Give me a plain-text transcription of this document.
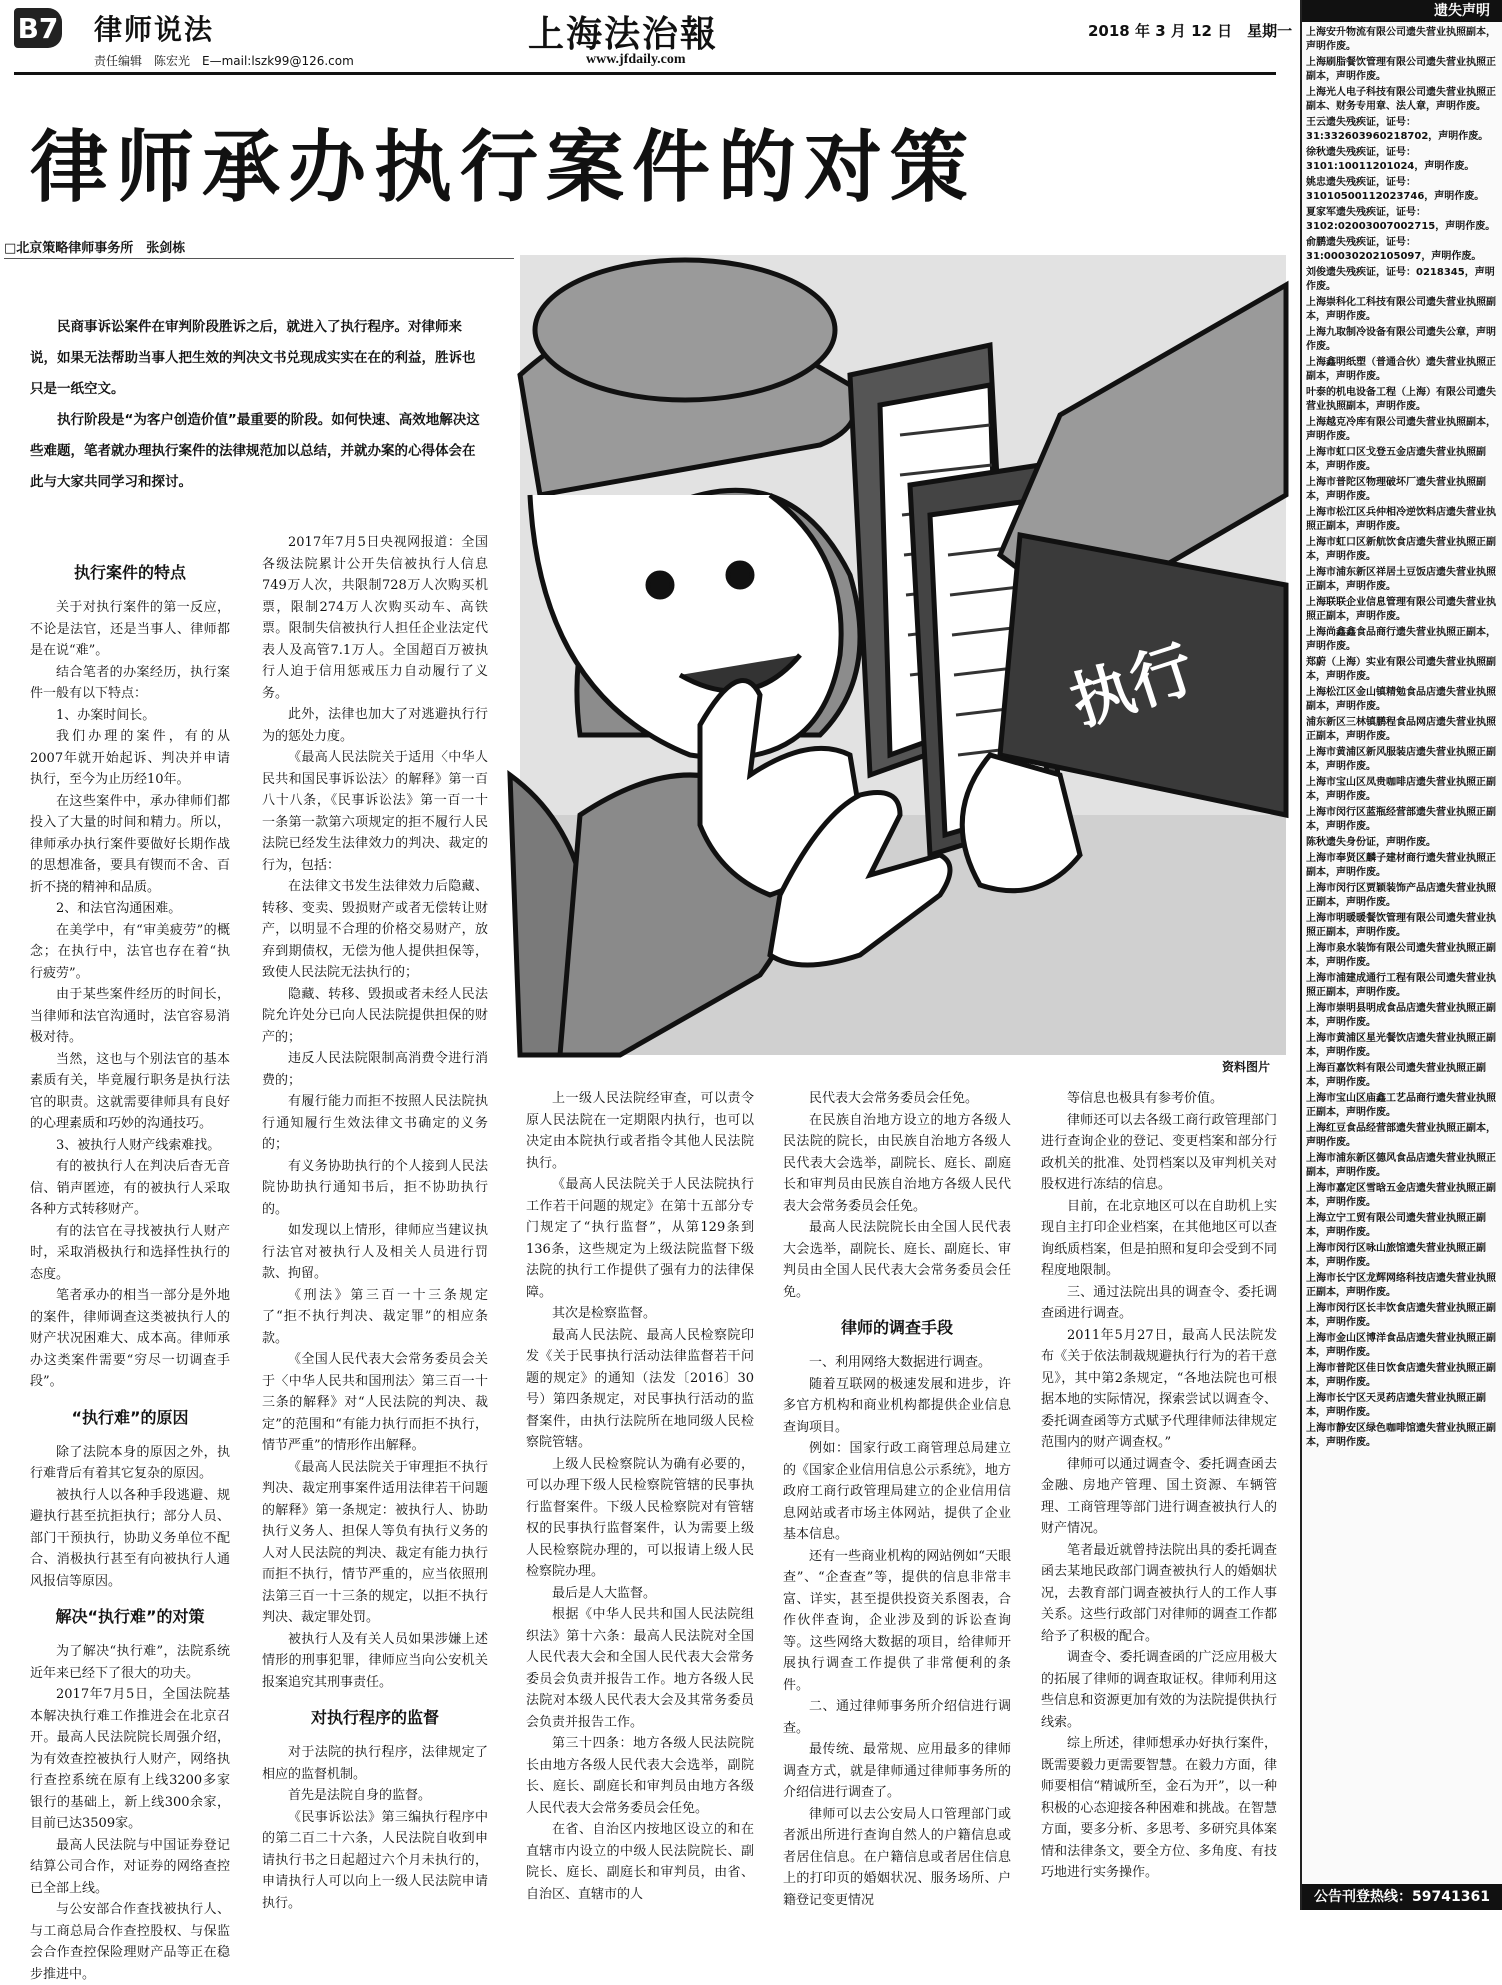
B7 律师说法
责任编辑　陈宏光　E—mail:lszk99@126.com
上海法治報
www.jfdaily.com
2018 年 3 月 12 日　星期一
律师承办执行案件的对策
□北京策略律师事务所　张剑栋

民商事诉讼案件在审判阶段胜诉之后，就进入了执行程序。对律师来说，如果无法帮助当事人把生效的判决文书兑现成实实在在的利益，胜诉也只是一纸空文。

执行阶段是“为客户创造价值”最重要的阶段。如何快速、高效地解决这些难题，笔者就办理执行案件的法律规范加以总结，并就办案的心得体会在此与大家共同学习和探讨。

执行
资料图片
执行案件的特点

关于对执行案件的第一反应，不论是法官，还是当事人、律师都是在说“难”。

结合笔者的办案经历，执行案件一般有以下特点：

1、办案时间长。

我们办理的案件，有的从2007年就开始起诉、判决并申请执行，至今为止历经10年。

在这些案件中，承办律师们都投入了大量的时间和精力。所以，律师承办执行案件要做好长期作战的思想准备，要具有锲而不舍、百折不挠的精神和品质。

2、和法官沟通困难。

在美学中，有“审美疲劳”的概念；在执行中，法官也存在着“执行疲劳”。

由于某些案件经历的时间长，当律师和法官沟通时，法官容易消极对待。

当然，这也与个别法官的基本素质有关，毕竟履行职务是执行法官的职责。这就需要律师具有良好的心理素质和巧妙的沟通技巧。

3、被执行人财产线索难找。

有的被执行人在判决后杳无音信、销声匿迹，有的被执行人采取各种方式转移财产。

有的法官在寻找被执行人财产时，采取消极执行和选择性执行的态度。

笔者承办的相当一部分是外地的案件，律师调查这类被执行人的财产状况困难大、成本高。律师承办这类案件需要“穷尽一切调查手段”。

“执行难”的原因

除了法院本身的原因之外，执行难背后有着其它复杂的原因。

被执行人以各种手段逃避、规避执行甚至抗拒执行；部分人员、部门干预执行，协助义务单位不配合、消极执行甚至有向被执行人通风报信等原因。

解决“执行难”的对策

为了解决“执行难”，法院系统近年来已经下了很大的功夫。

2017年7月5日，全国法院基本解决执行难工作推进会在北京召开。最高人民法院院长周强介绍，为有效查控被执行人财产，网络执行查控系统在原有上线3200多家银行的基础上，新上线300余家，目前已达3509家。

最高人民法院与中国证券登记结算公司合作，对证券的网络查控已全部上线。

与公安部合作查找被执行人、与工商总局合作查控股权、与保监会合作查控保险理财产品等正在稳步推进中。

2017年7月5日央视网报道：全国各级法院累计公开失信被执行人信息749万人次，共限制728万人次购买机票，限制274万人次购买动车、高铁票。限制失信被执行人担任企业法定代表人及高管7.1万人。全国超百万被执行人迫于信用惩戒压力自动履行了义务。

此外，法律也加大了对逃避执行行为的惩处力度。

《最高人民法院关于适用〈中华人民共和国民事诉讼法〉的解释》第一百八十八条，《民事诉讼法》第一百一十一条第一款第六项规定的拒不履行人民法院已经发生法律效力的判决、裁定的行为，包括：

在法律文书发生法律效力后隐藏、转移、变卖、毁损财产或者无偿转让财产，以明显不合理的价格交易财产，放弃到期债权，无偿为他人提供担保等，致使人民法院无法执行的；

隐藏、转移、毁损或者未经人民法院允许处分已向人民法院提供担保的财产的；

违反人民法院限制高消费令进行消费的；

有履行能力而拒不按照人民法院执行通知履行生效法律文书确定的义务的；

有义务协助执行的个人接到人民法院协助执行通知书后，拒不协助执行的。

如发现以上情形，律师应当建议执行法官对被执行人及相关人员进行罚款、拘留。

《刑法》第三百一十三条规定了“拒不执行判决、裁定罪”的相应条款。

《全国人民代表大会常务委员会关于〈中华人民共和国刑法〉第三百一十三条的解释》对“人民法院的判决、裁定”的范围和“有能力执行而拒不执行，情节严重”的情形作出解释。

《最高人民法院关于审理拒不执行判决、裁定刑事案件适用法律若干问题的解释》第一条规定：被执行人、协助执行义务人、担保人等负有执行义务的人对人民法院的判决、裁定有能力执行而拒不执行，情节严重的，应当依照刑法第三百一十三条的规定，以拒不执行判决、裁定罪处罚。

被执行人及有关人员如果涉嫌上述情形的刑事犯罪，律师应当向公安机关报案追究其刑事责任。

对执行程序的监督

对于法院的执行程序，法律规定了相应的监督机制。

首先是法院自身的监督。

《民事诉讼法》第三编执行程序中的第二百二十六条，人民法院自收到申请执行书之日起超过六个月未执行的，申请执行人可以向上一级人民法院申请执行。

上一级人民法院经审查，可以责令原人民法院在一定期限内执行，也可以决定由本院执行或者指令其他人民法院执行。

《最高人民法院关于人民法院执行工作若干问题的规定》在第十五部分专门规定了“执行监督”，从第129条到136条，这些规定为上级法院监督下级法院的执行工作提供了强有力的法律保障。

其次是检察监督。

最高人民法院、最高人民检察院印发《关于民事执行活动法律监督若干问题的规定》的通知（法发〔2016〕30号）第四条规定，对民事执行活动的监督案件，由执行法院所在地同级人民检察院管辖。

上级人民检察院认为确有必要的，可以办理下级人民检察院管辖的民事执行监督案件。下级人民检察院对有管辖权的民事执行监督案件，认为需要上级人民检察院办理的，可以报请上级人民检察院办理。

最后是人大监督。

根据《中华人民共和国人民法院组织法》第十六条：最高人民法院对全国人民代表大会和全国人民代表大会常务委员会负责并报告工作。地方各级人民法院对本级人民代表大会及其常务委员会负责并报告工作。

第三十四条：地方各级人民法院院长由地方各级人民代表大会选举，副院长、庭长、副庭长和审判员由地方各级人民代表大会常务委员会任免。

在省、自治区内按地区设立的和在直辖市内设立的中级人民法院院长、副院长、庭长、副庭长和审判员，由省、自治区、直辖市的人

民代表大会常务委员会任免。

在民族自治地方设立的地方各级人民法院的院长，由民族自治地方各级人民代表大会选举，副院长、庭长、副庭长和审判员由民族自治地方各级人民代表大会常务委员会任免。

最高人民法院院长由全国人民代表大会选举，副院长、庭长、副庭长、审判员由全国人民代表大会常务委员会任免。

律师的调查手段

一、利用网络大数据进行调查。

随着互联网的极速发展和进步，许多官方机构和商业机构都提供企业信息查询项目。

例如：国家行政工商管理总局建立的《国家企业信用信息公示系统》，地方政府工商行政管理局建立的企业信用信息网站或者市场主体网站，提供了企业基本信息。

还有一些商业机构的网站例如“天眼查”、“企查查”等，提供的信息非常丰富、详实，甚至提供投资关系图表，合作伙伴查询，企业涉及到的诉讼查询等。这些网络大数据的项目，给律师开展执行调查工作提供了非常便利的条件。

二、通过律师事务所介绍信进行调查。

最传统、最常规、应用最多的律师调查方式，就是律师通过律师事务所的介绍信进行调查了。

律师可以去公安局人口管理部门或者派出所进行查询自然人的户籍信息或者居住信息。在户籍信息或者居住信息上的打印页的婚姻状况、服务场所、户籍登记变更情况

等信息也极具有参考价值。

律师还可以去各级工商行政管理部门进行查询企业的登记、变更档案和部分行政机关的批准、处罚档案以及审判机关对股权进行冻结的信息。

目前，在北京地区可以在自助机上实现自主打印企业档案，在其他地区可以查询纸质档案，但是拍照和复印会受到不同程度地限制。

三、通过法院出具的调查令、委托调查函进行调查。

2011年5月27日，最高人民法院发布《关于依法制裁规避执行行为的若干意见》，其中第2条规定，“各地法院也可根据本地的实际情况，探索尝试以调查令、委托调查函等方式赋予代理律师法律规定范围内的财产调查权。”

律师可以通过调查令、委托调查函去金融、房地产管理、国土资源、车辆管理、工商管理等部门进行调查被执行人的财产情况。

笔者最近就曾持法院出具的委托调查函去某地民政部门调查被执行人的婚姻状况，去教育部门调查被执行人的工作人事关系。这些行政部门对律师的调查工作都给予了积极的配合。

调查令、委托调查函的广泛应用极大的拓展了律师的调查取证权。律师利用这些信息和资源更加有效的为法院提供执行线索。

综上所述，律师想承办好执行案件，既需要毅力更需要智慧。在毅力方面，律师要相信“精诚所至，金石为开”，以一种积极的心态迎接各种困难和挑战。在智慧方面，要多分析、多思考、多研究具体案情和法律条文，要全方位、多角度、有技巧地进行实务操作。

遗失声明
上海安升物流有限公司遗失营业执照副本，声明作废。
上海刷脂餐饮管理有限公司遗失营业执照正副本，声明作废。
上海光人电子科技有限公司遗失营业执照正副本、财务专用章、法人章，声明作废。
王云遗失残疾证，证号：31:332603960218702，声明作废。
徐秋遗失残疾证，证号：3101:10011201024，声明作废。
姚忠遗失残疾证，证号：31010500112023746，声明作废。
夏家军遗失残疾证，证号：3102:02003007002715，声明作废。
俞鹏遗失残疾证，证号：31:00030202105097，声明作废。
刘俊遗失残疾证，证号：0218345，声明作废。
上海崇科化工科技有限公司遗失营业执照副本，声明作废。
上海九取制冷设备有限公司遗失公章，声明作废。
上海鑫明纸塑（普通合伙）遗失营业执照正副本，声明作废。
叶泰的机电设备工程（上海）有限公司遗失营业执照副本，声明作废。
上海越克冷库有限公司遗失营业执照副本，声明作废。
上海市虹口区戈登五金店遗失营业执照副本，声明作废。
上海市普陀区物理破坏厂遗失营业执照副本，声明作废。
上海市松江区兵仲相冷逆饮料店遗失营业执照正副本，声明作废。
上海市虹口区新航饮食店遗失营业执照正副本，声明作废。
上海市浦东新区祥居土豆饭店遗失营业执照正副本，声明作废。
上海联联企业信息管理有限公司遗失营业执照正副本，声明作废。
上海尚鑫鑫食品商行遗失营业执照正副本，声明作废。
郑蔚（上海）实业有限公司遗失营业执照副本，声明作废。
上海松江区金山镇精勉食品店遗失营业执照副本，声明作废。
浦东新区三林镇鹏程食品网店遗失营业执照正副本，声明作废。
上海市黄浦区新风服装店遗失营业执照正副本，声明作废。
上海市宝山区凤贵咖啡店遗失营业执照正副本，声明作废。
上海市闵行区蓝瓶经营部遗失营业执照正副本，声明作废。
陈秋遗失身份证，声明作废。
上海市奉贤区麟子建材商行遗失营业执照正副本，声明作废。
上海市闵行区贾颖装饰产品店遗失营业执照正副本，声明作废。
上海市明暖暖餐饮管理有限公司遗失营业执照正副本，声明作废。
上海市泉水装饰有限公司遗失营业执照正副本，声明作废。
上海市浦建成通行工程有限公司遗失营业执照正副本，声明作废。
上海市崇明县明成食品店遗失营业执照正副本，声明作废。
上海市黄浦区星光餐饮店遗失营业执照正副本，声明作废。
上海百嘉饮料有限公司遗失营业执照正副本，声明作废。
上海市宝山区庙鑫工艺品商行遗失营业执照正副本，声明作废。
上海红豆食品经营部遗失营业执照正副本，声明作废。
上海市浦东新区德风食品店遗失营业执照正副本，声明作废。
上海市嘉定区雪晗五金店遗失营业执照正副本，声明作废。
上海立宁工贸有限公司遗失营业执照正副本，声明作废。
上海市闵行区咏山旅馆遗失营业执照正副本，声明作废。
上海市长宁区龙辉网络科技店遗失营业执照正副本，声明作废。
上海市闵行区长丰饮食店遗失营业执照正副本，声明作废。
上海市金山区博洋食品店遗失营业执照正副本，声明作废。
上海市普陀区佳日饮食店遗失营业执照正副本，声明作废。
上海市长宁区天灵药店遗失营业执照正副本，声明作废。
上海市静安区绿色咖啡馆遗失营业执照正副本，声明作废。
公告刊登热线：59741361
